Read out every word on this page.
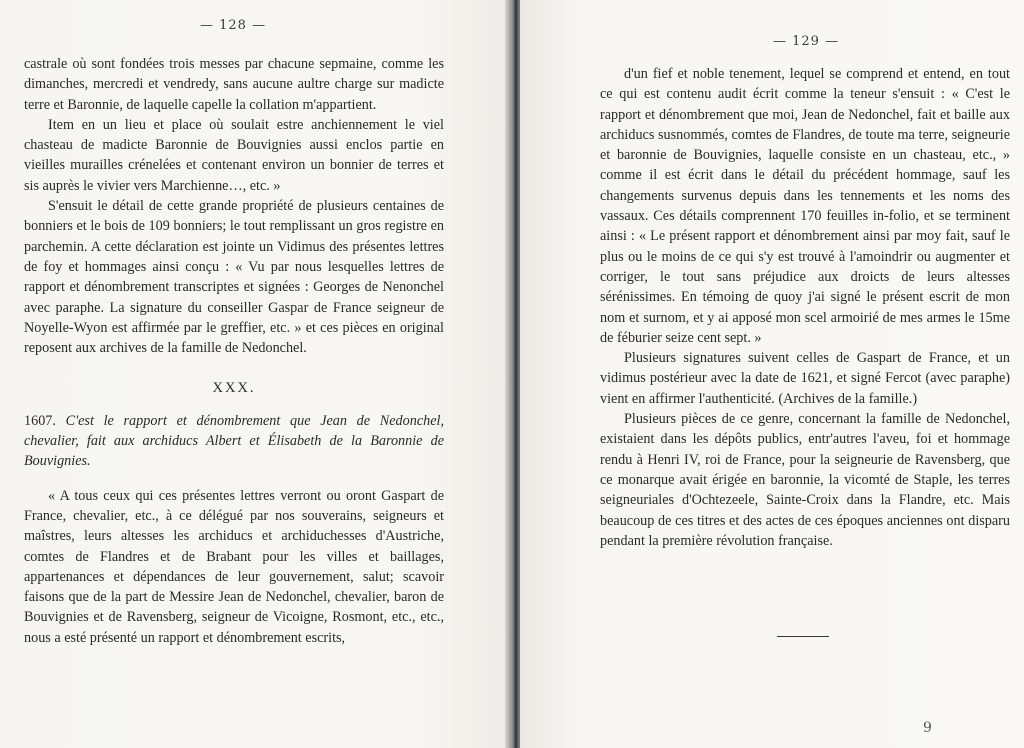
— 128 —

castrale où sont fondées trois messes par chacune sepmaine, comme les dimanches, mercredi et vendredy, sans aucune aultre charge sur madicte terre et Baronnie, de laquelle capelle la collation m'appartient.

Item en un lieu et place où soulait estre anchiennement le viel chasteau de madicte Baronnie de Bouvignies aussi enclos partie en vieilles murailles crénelées et contenant environ un bonnier de terres et sis auprès le vivier vers Marchienne…, etc. »

S'ensuit le détail de cette grande propriété de plusieurs centaines de bonniers et le bois de 109 bonniers; le tout remplissant un gros registre en parchemin. A cette déclaration est jointe un Vidimus des présentes lettres de foy et hommages ainsi conçu : « Vu par nous lesquelles lettres de rapport et dénombrement transcriptes et signées : Georges de Nenonchel avec paraphe. La signature du conseiller Gaspar de France seigneur de Noyelle-Wyon est affirmée par le greffier, etc. » et ces pièces en original reposent aux archives de la famille de Nedonchel.

XXX.

1607. C'est le rapport et dénombrement que Jean de Nedonchel, chevalier, fait aux archiducs Albert et Élisabeth de la Baronnie de Bouvignies.

« A tous ceux qui ces présentes lettres verront ou oront Gaspart de France, chevalier, etc., à ce délégué par nos souverains, seigneurs et maîstres, leurs altesses les archiducs et archiduchesses d'Austriche, comtes de Flandres et de Brabant pour les villes et baillages, appartenances et dépendances de leur gouvernement, salut; scavoir faisons que de la part de Messire Jean de Nedonchel, chevalier, baron de Bouvignies et de Ravensberg, seigneur de Vicoigne, Rosmont, etc., etc., nous a esté présenté un rapport et dénombrement escrits,

— 129 —

d'un fief et noble tenement, lequel se comprend et entend, en tout ce qui est contenu audit écrit comme la teneur s'ensuit : « C'est le rapport et dénombrement que moi, Jean de Nedonchel, fait et baille aux archiducs susnommés, comtes de Flandres, de toute ma terre, seigneurie et baronnie de Bouvignies, laquelle consiste en un chasteau, etc., » comme il est écrit dans le détail du précédent hommage, sauf les changements survenus depuis dans les tennements et les noms des vassaux. Ces détails comprennent 170 feuilles in-folio, et se terminent ainsi : « Le présent rapport et dénombrement ainsi par moy fait, sauf le plus ou le moins de ce qui s'y est trouvé à l'amoindrir ou augmenter et corriger, le tout sans préjudice aux droicts de leurs altesses sérénissimes. En témoing de quoy j'ai signé le présent escrit de mon nom et surnom, et y ai apposé mon scel armoirié de mes armes le 15me de féburier seize cent sept. »

Plusieurs signatures suivent celles de Gaspart de France, et un vidimus postérieur avec la date de 1621, et signé Fercot (avec paraphe) vient en affirmer l'authenticité. (Archives de la famille.)

Plusieurs pièces de ce genre, concernant la famille de Nedonchel, existaient dans les dépôts publics, entr'autres l'aveu, foi et hommage rendu à Henri IV, roi de France, pour la seigneurie de Ravensberg, que ce monarque avait érigée en baronnie, la vicomté de Staple, les terres seigneuriales d'Ochtezeele, Sainte-Croix dans la Flandre, etc. Mais beaucoup de ces titres et des actes de ces époques anciennes ont disparu pendant la première révolution française.

9
